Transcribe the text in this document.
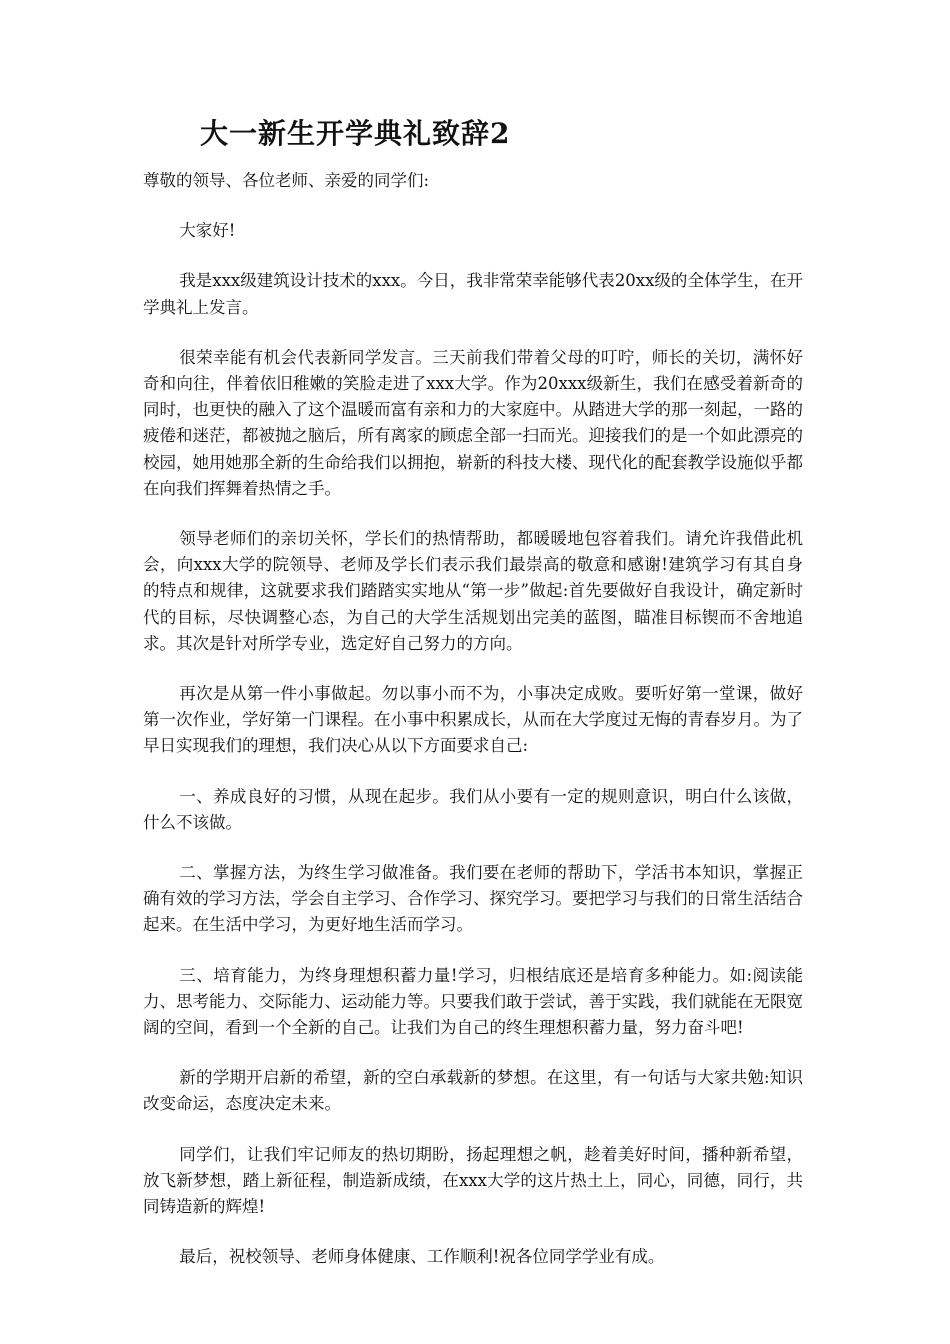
大一新生开学典礼致辞2

尊敬的领导、各位老师、亲爱的同学们:

大家好!

我是xxx级建筑设计技术的xxx。今日，我非常荣幸能够代表20xx级的全体学生，在开学典礼上发言。

很荣幸能有机会代表新同学发言。三天前我们带着父母的叮咛，师长的关切，满怀好奇和向往，伴着依旧稚嫩的笑脸走进了xxx大学。作为20xxx级新生，我们在感受着新奇的同时，也更快的融入了这个温暖而富有亲和力的大家庭中。从踏进大学的那一刻起，一路的疲倦和迷茫，都被抛之脑后，所有离家的顾虑全部一扫而光。迎接我们的是一个如此漂亮的校园，她用她那全新的生命给我们以拥抱，崭新的科技大楼、现代化的配套教学设施似乎都在向我们挥舞着热情之手。

领导老师们的亲切关怀，学长们的热情帮助，都暖暖地包容着我们。请允许我借此机会，向xxx大学的院领导、老师及学长们表示我们最崇高的敬意和感谢!建筑学习有其自身的特点和规律，这就要求我们踏踏实实地从“第一步”做起:首先要做好自我设计，确定新时代的目标，尽快调整心态，为自己的大学生活规划出完美的蓝图，瞄准目标锲而不舍地追求。其次是针对所学专业，选定好自己努力的方向。

再次是从第一件小事做起。勿以事小而不为，小事决定成败。要听好第一堂课，做好第一次作业，学好第一门课程。在小事中积累成长，从而在大学度过无悔的青春岁月。为了早日实现我们的理想，我们决心从以下方面要求自己:

一、养成良好的习惯，从现在起步。我们从小要有一定的规则意识，明白什么该做，什么不该做。

二、掌握方法，为终生学习做准备。我们要在老师的帮助下，学活书本知识，掌握正确有效的学习方法，学会自主学习、合作学习、探究学习。要把学习与我们的日常生活结合起来。在生活中学习，为更好地生活而学习。

三、培育能力，为终身理想积蓄力量!学习，归根结底还是培育多种能力。如:阅读能力、思考能力、交际能力、运动能力等。只要我们敢于尝试，善于实践，我们就能在无限宽阔的空间，看到一个全新的自己。让我们为自己的终生理想积蓄力量，努力奋斗吧!

新的学期开启新的希望，新的空白承载新的梦想。在这里，有一句话与大家共勉:知识改变命运，态度决定未来。

同学们，让我们牢记师友的热切期盼，扬起理想之帆，趁着美好时间，播种新希望，放飞新梦想，踏上新征程，制造新成绩，在xxx大学的这片热土上，同心，同德，同行，共同铸造新的辉煌!

最后，祝校领导、老师身体健康、工作顺利!祝各位同学学业有成。
